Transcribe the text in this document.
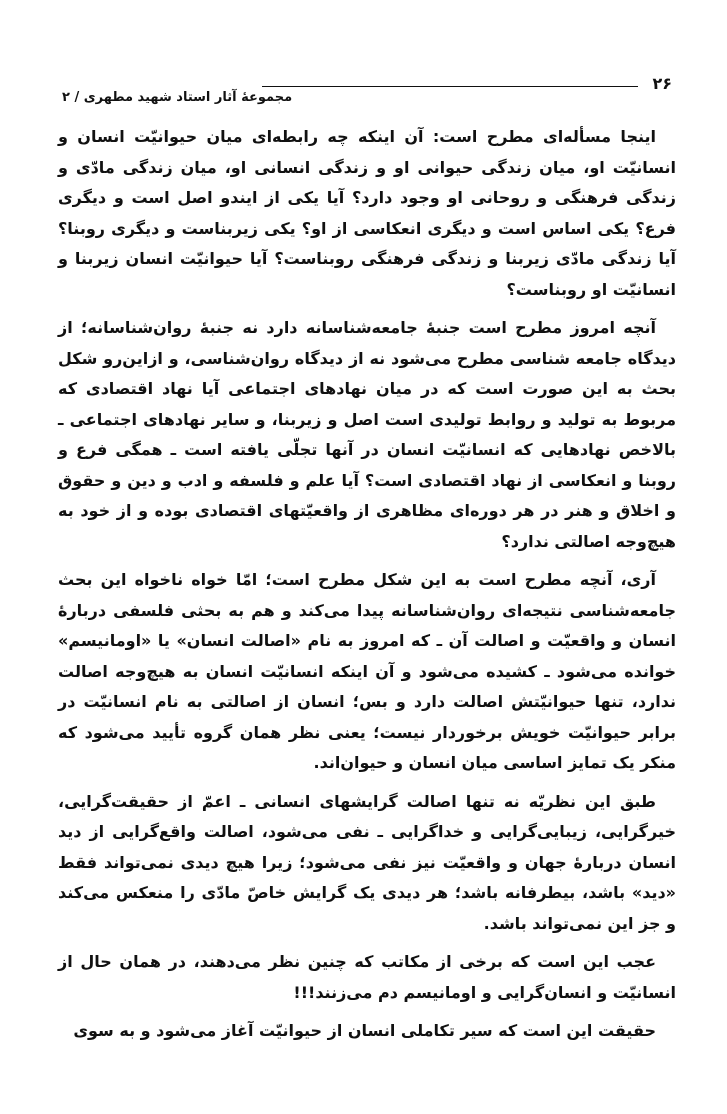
۲۶
مجموعهٔ آثار استاد شهید مطهری / ۲

اینجا مسأله‌ای مطرح است: آن اینکه چه رابطه‌ای میان حیوانیّت انسان و انسانیّت او، میان زندگی حیوانی او و زندگی انسانی او، میان زندگی مادّی و زندگی فرهنگی و روحانی او وجود دارد؟ آیا یکی از ایندو اصل است و دیگری فرع؟ یکی اساس است و دیگری انعکاسی از او؟ یکی زیربناست و دیگری روبنا؟ آیا زندگی مادّی زیربنا و زندگی فرهنگی روبناست؟ آیا حیوانیّت انسان زیربنا و انسانیّت او روبناست؟

آنچه امروز مطرح است جنبهٔ جامعه‌شناسانه دارد نه جنبهٔ روان‌شناسانه؛ از دیدگاه جامعه شناسی مطرح می‌شود نه از دیدگاه روان‌شناسی، و ازاین‌رو شکل بحث به این صورت است که در میان نهادهای اجتماعی آیا نهاد اقتصادی که مربوط به تولید و روابط تولیدی است اصل و زیربنا، و سایر نهادهای اجتماعی ـ بالاخص نهادهایی که انسانیّت انسان در آنها تجلّی یافته است ـ همگی فرع و روبنا و انعکاسی از نهاد اقتصادی است؟ آیا علم و فلسفه و ادب و دین و حقوق و اخلاق و هنر در هر دوره‌ای مظاهری از واقعیّتهای اقتصادی بوده و از خود به هیچ‌وجه اصالتی ندارد؟

آری، آنچه مطرح است به این شکل مطرح است؛ امّا خواه ناخواه این بحث جامعه‌شناسی نتیجه‌ای روان‌شناسانه پیدا می‌کند و هم به بحثی فلسفی دربارهٔ انسان و واقعیّت و اصالت آن ـ که امروز به نام «اصالت انسان» یا «اومانیسم» خوانده می‌شود ـ کشیده می‌شود و آن اینکه انسانیّت انسان به هیچ‌وجه اصالت ندارد، تنها حیوانیّتش اصالت دارد و بس؛ انسان از اصالتی به نام انسانیّت در برابر حیوانیّت خویش برخوردار نیست؛ یعنی نظر همان گروه تأیید می‌شود که منکر یک تمایز اساسی میان انسان و حیوان‌اند.

طبق این نظریّه نه تنها اصالت گرایشهای انسانی ـ اعمّ از حقیقت‌گرایی، خیرگرایی، زیبایی‌گرایی و خداگرایی ـ نفی می‌شود، اصالت واقع‌گرایی از دید انسان دربارهٔ جهان و واقعیّت نیز نفی می‌شود؛ زیرا هیچ دیدی نمی‌تواند فقط «دید» باشد، بیطرفانه باشد؛ هر دیدی یک گرایش خاصّ مادّی را منعکس می‌کند و جز این نمی‌تواند باشد.

عجب این است که برخی از مکاتب که چنین نظر می‌دهند، در همان حال از انسانیّت و انسان‌گرایی و اومانیسم دم می‌زنند!!!

حقیقت این است که سیر تکاملی انسان از حیوانیّت آغاز می‌شود و به سوی
